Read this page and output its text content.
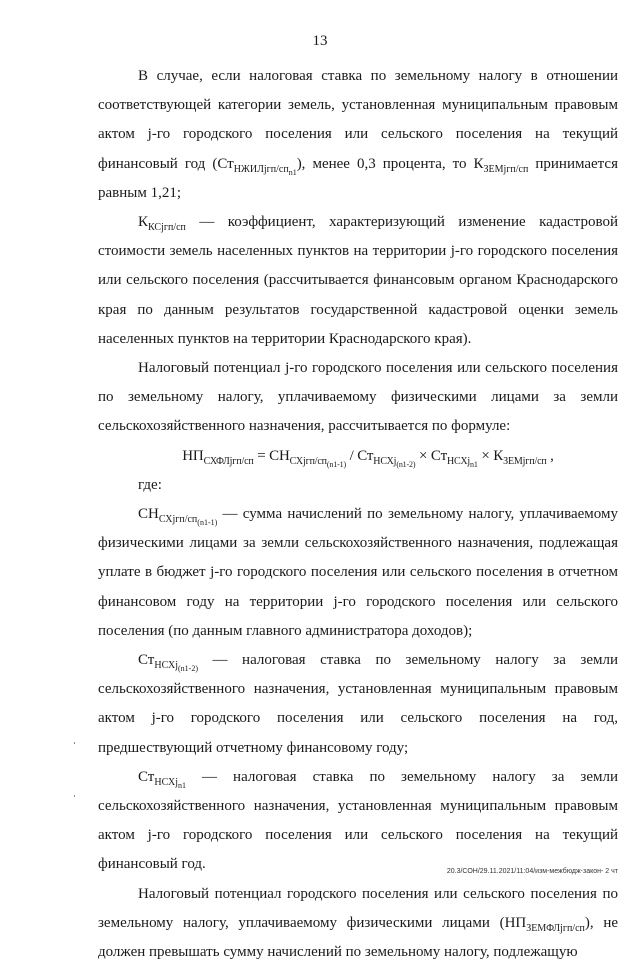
13

В случае, если налоговая ставка по земельному налогу в отношении соответствующей категории земель, установленная муниципальным правовым актом j-го городского поселения или сельского поселения на текущий финансовый год $(Ст_{НЖИЛjгп/сп_{n1}})$, менее 0,3 процента, то $К_{ЗЕМjгп/сп}$ принимается равным 1,21;

$К_{КСjгп/сп}$ — коэффициент, характеризующий изменение кадастровой стоимости земель населенных пунктов на территории j-го городского поселения или сельского поселения (рассчитывается финансовым органом Краснодарского края по данным результатов государственной кадастровой оценки земель населенных пунктов на территории Краснодарского края).

Налоговый потенциал j-го городского поселения или сельского поселения по земельному налогу, уплачиваемому физическими лицами за земли сельскохозяйственного назначения, рассчитывается по формуле:

$НП_{СХФЛjгп/сп} = СН_{СХjгп/сп_{(n1-1)}} / Ст_{НСХj_{(n1-2)}} \times Ст_{НСХj_{n1}} \times К_{ЗЕМjгп/сп}$ ,

где:

$СН_{СХjгп/сп_{(n1-1)}}$ — сумма начислений по земельному налогу, уплачиваемому физическими лицами за земли сельскохозяйственного назначения, подлежащая уплате в бюджет j-го городского поселения или сельского поселения в отчетном финансовом году на территории j-го городского поселения или сельского поселения (по данным главного администратора доходов);

$Ст_{НСХj_{(n1-2)}}$ — налоговая ставка по земельному налогу за земли сельскохозяйственного назначения, установленная муниципальным правовым актом j-го городского поселения или сельского поселения на год, предшествующий отчетному финансовому году;

$Ст_{НСХj_{n1}}$ — налоговая ставка по земельному налогу за земли сельскохозяйственного назначения, установленная муниципальным правовым актом j-го городского поселения или сельского поселения на текущий финансовый год.

Налоговый потенциал городского поселения или сельского поселения по земельному налогу, уплачиваемому физическими лицами $(НП_{ЗЕМФЛjгп/сп})$, не должен превышать сумму начислений по земельному налогу, подлежащую

20.3/СОН/29.11.2021/11:04/изм-межбюдж-закон- 2 чт
